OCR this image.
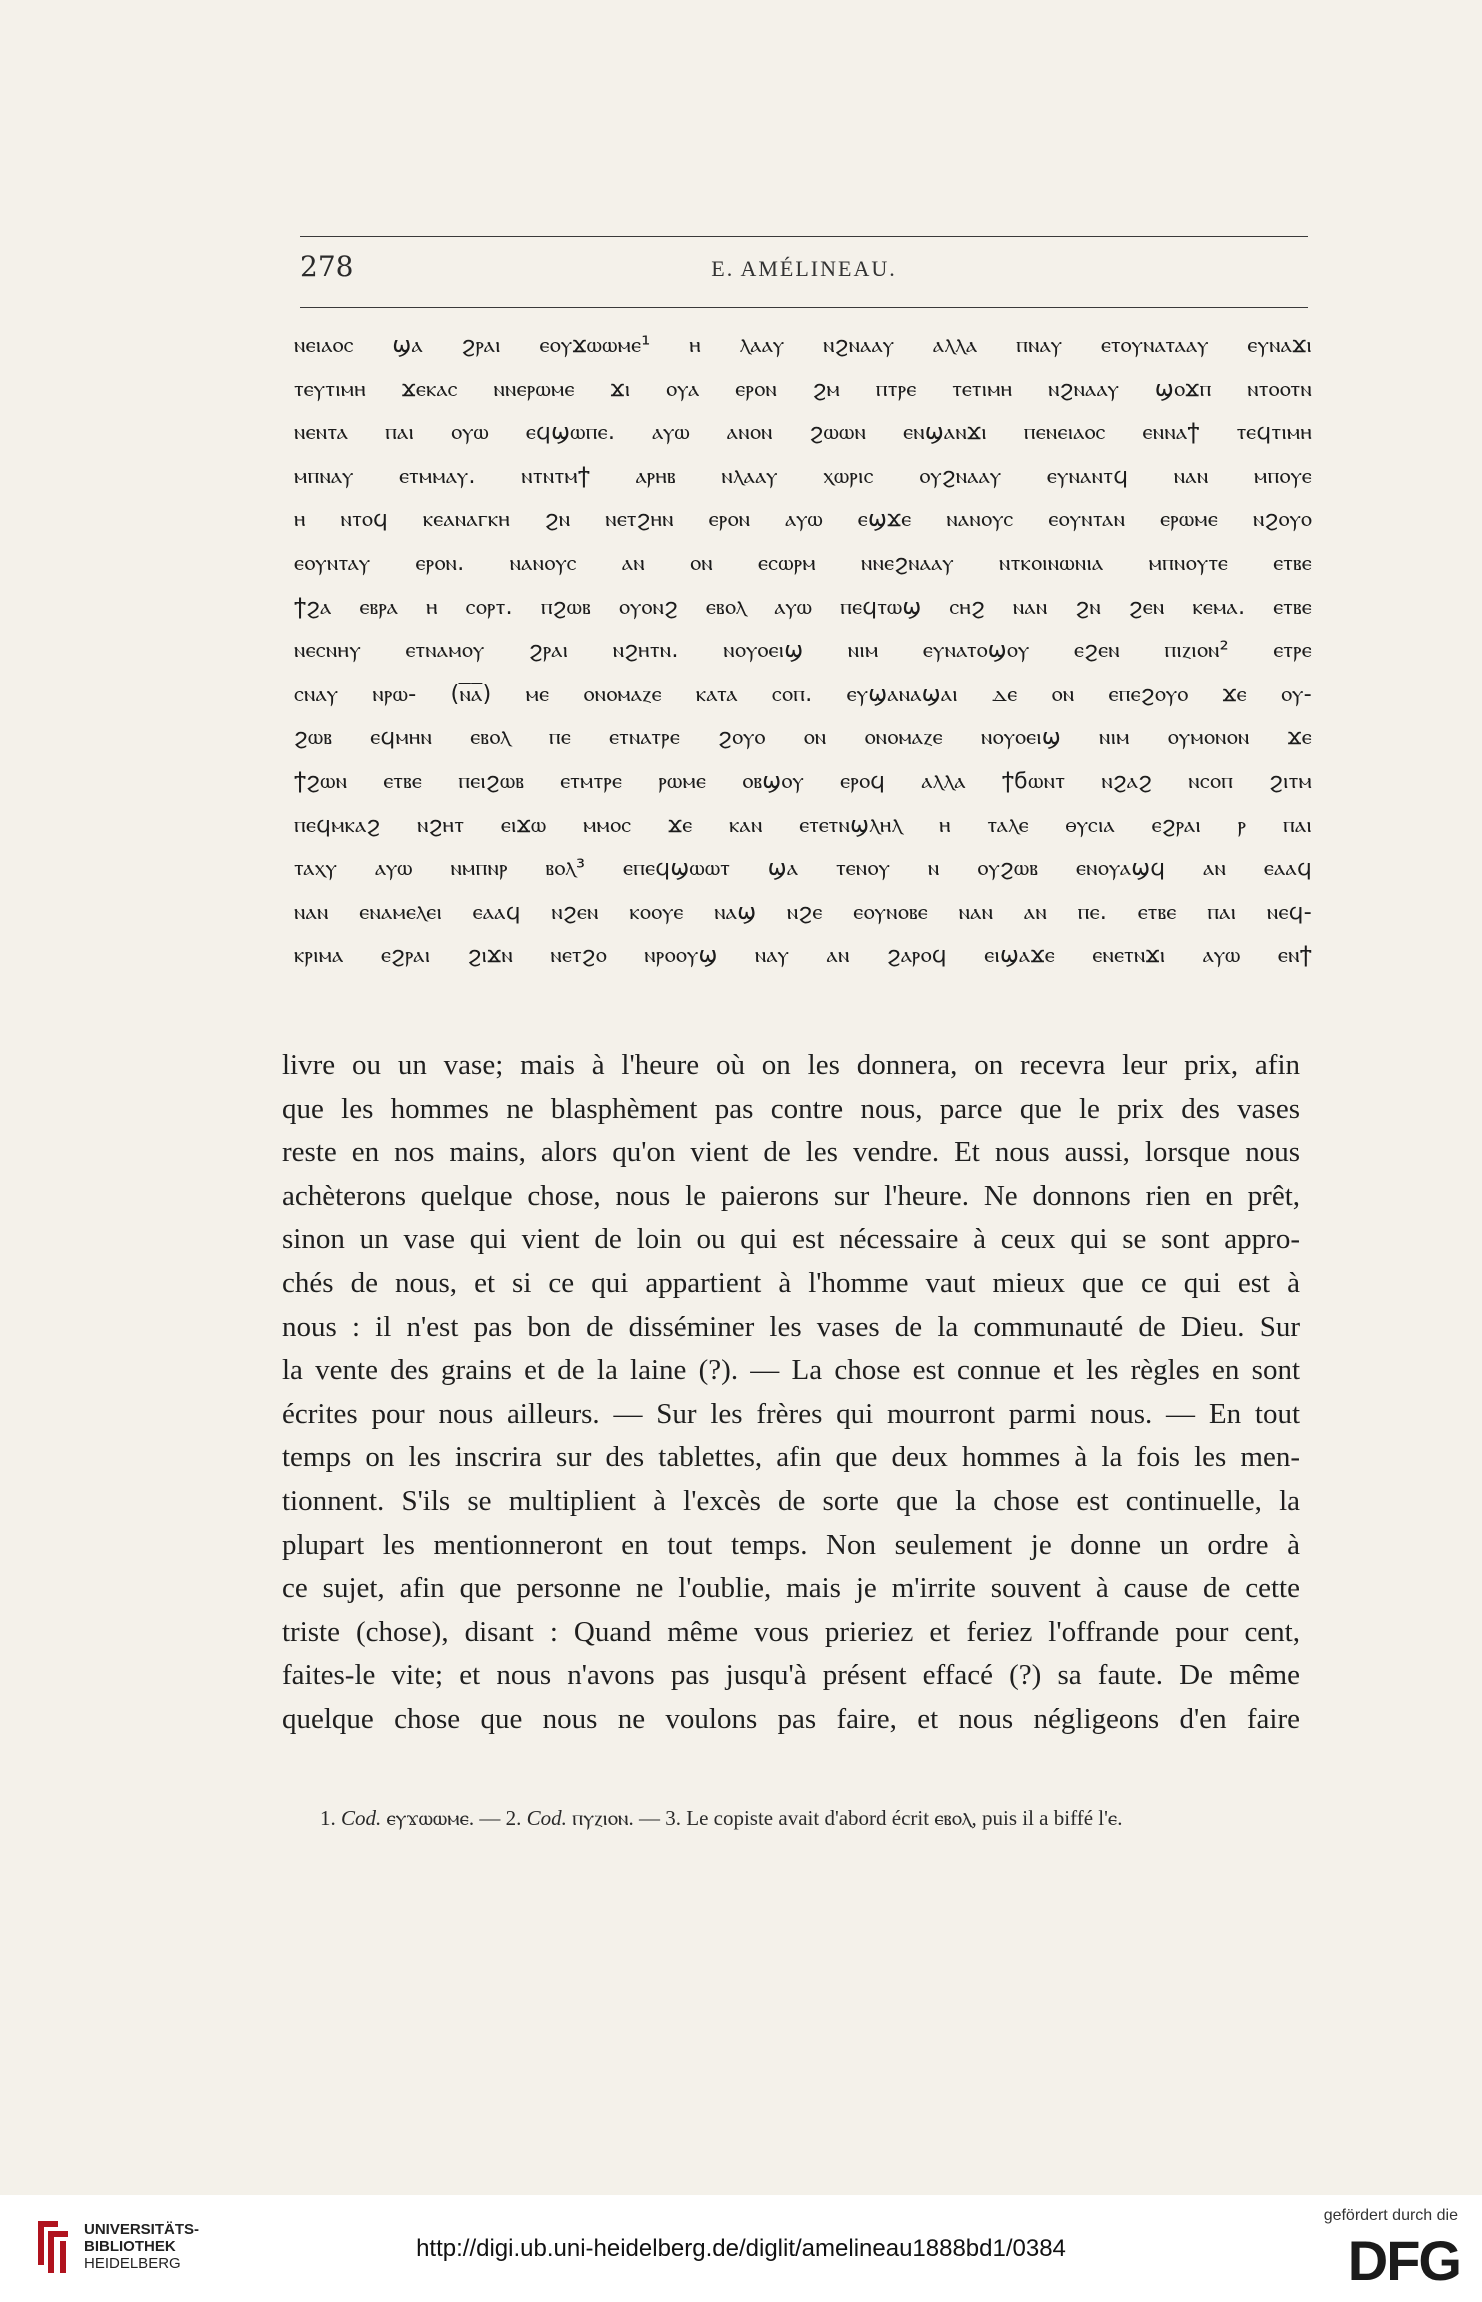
278	E. AMÉLINEAU.
ⲛⲉⲓⲁⲟⲥ ϣⲁ ϩⲣⲁⲓ ⲉⲟⲩϫⲱⲱⲙⲉ¹ ⲏ ⲗⲁⲁⲩ ⲛϩⲛⲁⲁⲩ ⲁⲗⲗⲁ ⲡⲛⲁⲩ ⲉⲧⲟⲩⲛⲁⲧⲁⲁⲩ ⲉⲩⲛⲁϫⲓ
ⲧⲉⲩⲧⲓⲙⲏ ϫⲉⲕⲁⲥ ⲛⲛⲉⲣⲱⲙⲉ ϫⲓ ⲟⲩⲁ ⲉⲣⲟⲛ ϩⲙ ⲡⲧⲣⲉ ⲧⲉⲧⲓⲙⲏ ⲛϩⲛⲁⲁⲩ ϣⲟϫⲡ ⲛⲧⲟⲟⲧⲛ
ⲛⲉⲛⲧⲁ ⲡⲁⲓ ⲟⲩⲱ ⲉϥϣⲱⲡⲉ. ⲁⲩⲱ ⲁⲛⲟⲛ ϩⲱⲱⲛ ⲉⲛϣⲁⲛϫⲓ ⲡⲉⲛⲉⲓⲁⲟⲥ ⲉⲛⲛⲁϯ ⲧⲉϥⲧⲓⲙⲏ
ⲙⲡⲛⲁⲩ ⲉⲧⲙⲙⲁⲩ. ⲛⲧⲛⲧⲙϯ ⲁⲣⲏⲃ ⲛⲗⲁⲁⲩ ⲭⲱⲣⲓⲥ ⲟⲩϩⲛⲁⲁⲩ ⲉⲩⲛⲁⲛⲧϥ ⲛⲁⲛ ⲙⲡⲟⲩⲉ
ⲏ ⲛⲧⲟϥ ⲕⲉⲁⲛⲁⲅⲕⲏ ϩⲛ ⲛⲉⲧϩⲏⲛ ⲉⲣⲟⲛ ⲁⲩⲱ ⲉϣϫⲉ ⲛⲁⲛⲟⲩⲥ ⲉⲟⲩⲛⲧⲁⲛ ⲉⲣⲱⲙⲉ ⲛϩⲟⲩⲟ
ⲉⲟⲩⲛⲧⲁⲩ ⲉⲣⲟⲛ. ⲛⲁⲛⲟⲩⲥ ⲁⲛ ⲟⲛ ⲉⲥⲱⲣⲙ ⲛⲛⲉϩⲛⲁⲁⲩ ⲛⲧⲕⲟⲓⲛⲱⲛⲓⲁ ⲙⲡⲛⲟⲩⲧⲉ ⲉⲧⲃⲉ
ϯϩⲁ ⲉⲃⲣⲁ ⲏ ⲥⲟⲣⲧ. ⲡϩⲱⲃ ⲟⲩⲟⲛϩ ⲉⲃⲟⲗ ⲁⲩⲱ ⲡⲉϥⲧⲱϣ ⲥⲏϩ ⲛⲁⲛ ϩⲛ ϩⲉⲛ ⲕⲉⲙⲁ. ⲉⲧⲃⲉ
ⲛⲉⲥⲛⲏⲩ ⲉⲧⲛⲁⲙⲟⲩ ϩⲣⲁⲓ ⲛϩⲏⲧⲛ. ⲛⲟⲩⲟⲉⲓϣ ⲛⲓⲙ ⲉⲩⲛⲁⲧⲟϣⲟⲩ ⲉϩⲉⲛ ⲡⲓⲍⲓⲟⲛ² ⲉⲧⲣⲉ
ⲥⲛⲁⲩ ⲛⲣⲱ- (ⲛ̅ⲁ̅) ⲙⲉ ⲟⲛⲟⲙⲁⲍⲉ ⲕⲁⲧⲁ ⲥⲟⲡ. ⲉⲩϣⲁⲛⲁϣⲁⲓ ⲇⲉ ⲟⲛ ⲉⲡⲉϩⲟⲩⲟ ϫⲉ ⲟⲩ-
ϩⲱⲃ ⲉϥⲙⲏⲛ ⲉⲃⲟⲗ ⲡⲉ ⲉⲧⲛⲁⲧⲣⲉ ϩⲟⲩⲟ ⲟⲛ ⲟⲛⲟⲙⲁⲍⲉ ⲛⲟⲩⲟⲉⲓϣ ⲛⲓⲙ ⲟⲩⲙⲟⲛⲟⲛ ϫⲉ
ϯϩⲱⲛ ⲉⲧⲃⲉ ⲡⲉⲓϩⲱⲃ ⲉⲧⲙⲧⲣⲉ ⲣⲱⲙⲉ ⲟⲃϣⲟⲩ ⲉⲣⲟϥ ⲁⲗⲗⲁ ϯϭⲱⲛⲧ ⲛϩⲁϩ ⲛⲥⲟⲡ ϩⲓⲧⲙ
ⲡⲉϥⲙⲕⲁϩ ⲛϩⲏⲧ ⲉⲓϫⲱ ⲙⲙⲟⲥ ϫⲉ ⲕⲁⲛ ⲉⲧⲉⲧⲛϣⲗⲏⲗ ⲏ ⲧⲁⲗⲉ ⲑⲩⲥⲓⲁ ⲉϩⲣⲁⲓ ⲣ ⲡⲁⲓ
ⲧⲁⲭⲩ ⲁⲩⲱ ⲛⲙⲡⲛⲣ ⲃⲟⲗ³ ⲉⲡⲉϥϣⲱⲱⲧ ϣⲁ ⲧⲉⲛⲟⲩ ⲛ ⲟⲩϩⲱⲃ ⲉⲛⲟⲩⲁϣϥ ⲁⲛ ⲉⲁⲁϥ
ⲛⲁⲛ ⲉⲛⲁⲙⲉⲗⲉⲓ ⲉⲁⲁϥ ⲛϩⲉⲛ ⲕⲟⲟⲩⲉ ⲛⲁϣ ⲛϩⲉ ⲉⲟⲩⲛⲟⲃⲉ ⲛⲁⲛ ⲁⲛ ⲡⲉ. ⲉⲧⲃⲉ ⲡⲁⲓ ⲛⲉϥ-
ⲕⲣⲓⲙⲁ ⲉϩⲣⲁⲓ ϩⲓϫⲛ ⲛⲉⲧϩⲟ ⲛⲣⲟⲟⲩϣ ⲛⲁⲩ ⲁⲛ ϩⲁⲣⲟϥ ⲉⲓϣⲁϫⲉ ⲉⲛⲉⲧⲛϫⲓ ⲁⲩⲱ ⲉⲛϯ
livre ou un vase; mais à l'heure où on les donnera, on recevra leur prix, afin
que les hommes ne blasphèment pas contre nous, parce que le prix des vases
reste en nos mains, alors qu'on vient de les vendre. Et nous aussi, lorsque nous
achèterons quelque chose, nous le paierons sur l'heure. Ne donnons rien en prêt,
sinon un vase qui vient de loin ou qui est nécessaire à ceux qui se sont appro-
chés de nous, et si ce qui appartient à l'homme vaut mieux que ce qui est à
nous : il n'est pas bon de disséminer les vases de la communauté de Dieu. Sur
la vente des grains et de la laine (?). — La chose est connue et les règles en sont
écrites pour nous ailleurs. — Sur les frères qui mourront parmi nous. — En tout
temps on les inscrira sur des tablettes, afin que deux hommes à la fois les men-
tionnent. S'ils se multiplient à l'excès de sorte que la chose est continuelle, la
plupart les mentionneront en tout temps. Non seulement je donne un ordre à
ce sujet, afin que personne ne l'oublie, mais je m'irrite souvent à cause de cette
triste (chose), disant : Quand même vous prieriez et feriez l'offrande pour cent,
faites-le vite; et nous n'avons pas jusqu'à présent effacé (?) sa faute. De même
quelque chose que nous ne voulons pas faire, et nous négligeons d'en faire
1. Cod. ⲉⲩϫⲱⲱⲙⲉ. — 2. Cod. ⲡⲩⲍⲓⲟⲛ. — 3. Le copiste avait d'abord écrit ⲉⲃⲟⲗ, puis il a biffé l'ⲉ.
UNIVERSITÄTS-
BIBLIOTHEK
HEIDELBERG
http://digi.ub.uni-heidelberg.de/diglit/amelineau1888bd1/0384
gefördert durch die
DFG
